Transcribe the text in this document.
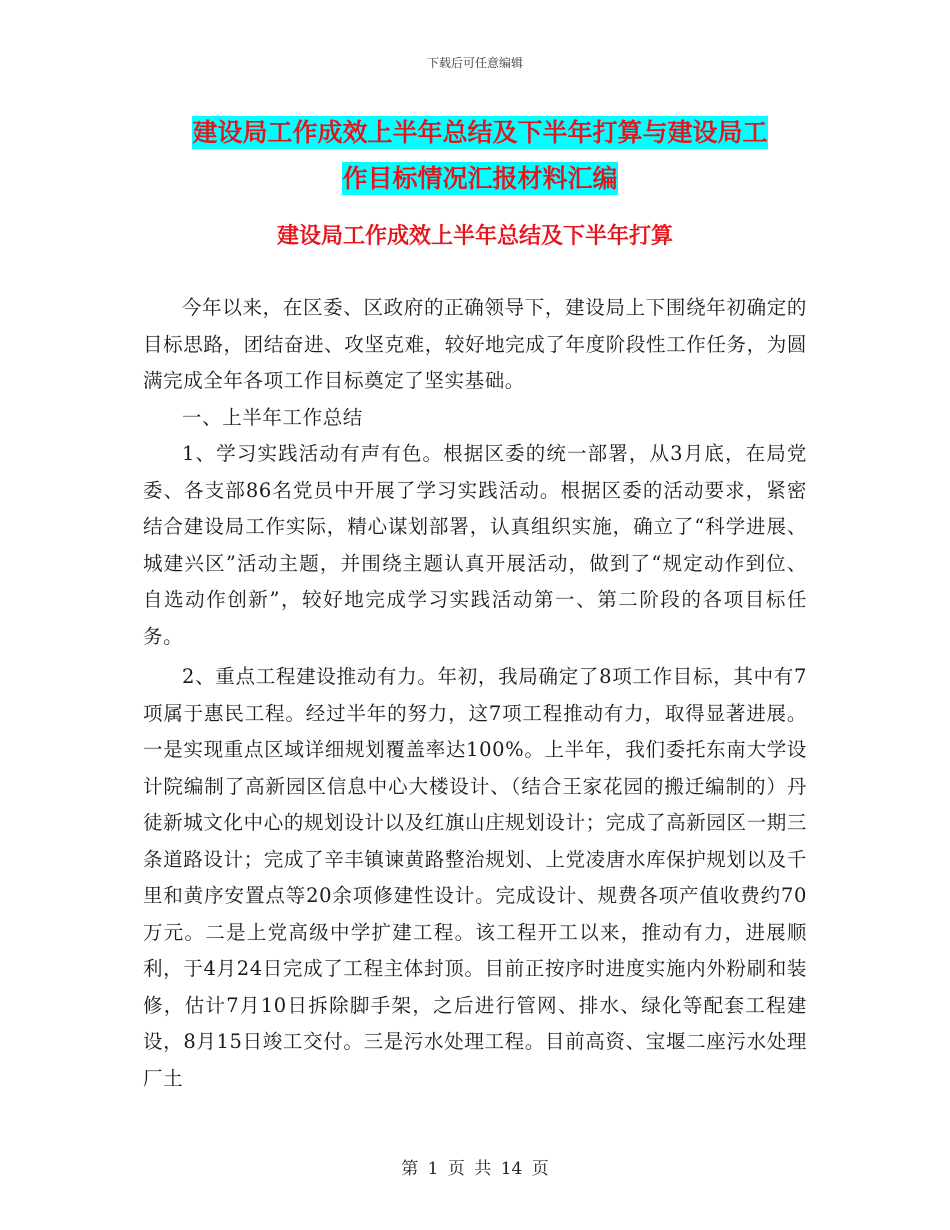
下载后可任意编辑
建设局工作成效上半年总结及下半年打算与建设局工
作目标情况汇报材料汇编
建设局工作成效上半年总结及下半年打算

今年以来，在区委、区政府的正确领导下，建设局上下围绕年初确定的目标思路，团结奋进、攻坚克难，较好地完成了年度阶段性工作任务，为圆满完成全年各项工作目标奠定了坚实基础。

一、上半年工作总结

1、学习实践活动有声有色。根据区委的统一部署，从3月底，在局党委、各支部86名党员中开展了学习实践活动。根据区委的活动要求，紧密结合建设局工作实际，精心谋划部署，认真组织实施，确立了“科学进展、城建兴区”活动主题，并围绕主题认真开展活动，做到了“规定动作到位、自选动作创新”，较好地完成学习实践活动第一、第二阶段的各项目标任务。

2、重点工程建设推动有力。年初，我局确定了8项工作目标，其中有7项属于惠民工程。经过半年的努力，这7项工程推动有力，取得显著进展。一是实现重点区域详细规划覆盖率达100%。上半年，我们委托东南大学设计院编制了高新园区信息中心大楼设计、（结合王家花园的搬迁编制的）丹徒新城文化中心的规划设计以及红旗山庄规划设计；完成了高新园区一期三条道路设计；完成了辛丰镇谏黄路整治规划、上党凌唐水库保护规划以及千里和黄序安置点等20余项修建性设计。完成设计、规费各项产值收费约70万元。二是上党高级中学扩建工程。该工程开工以来，推动有力，进展顺利，于4月24日完成了工程主体封顶。目前正按序时进度实施内外粉刷和装修，估计7月10日拆除脚手架，之后进行管网、排水、绿化等配套工程建设，8月15日竣工交付。三是污水处理工程。目前高资、宝堰二座污水处理厂土

第 1 页 共 14 页
